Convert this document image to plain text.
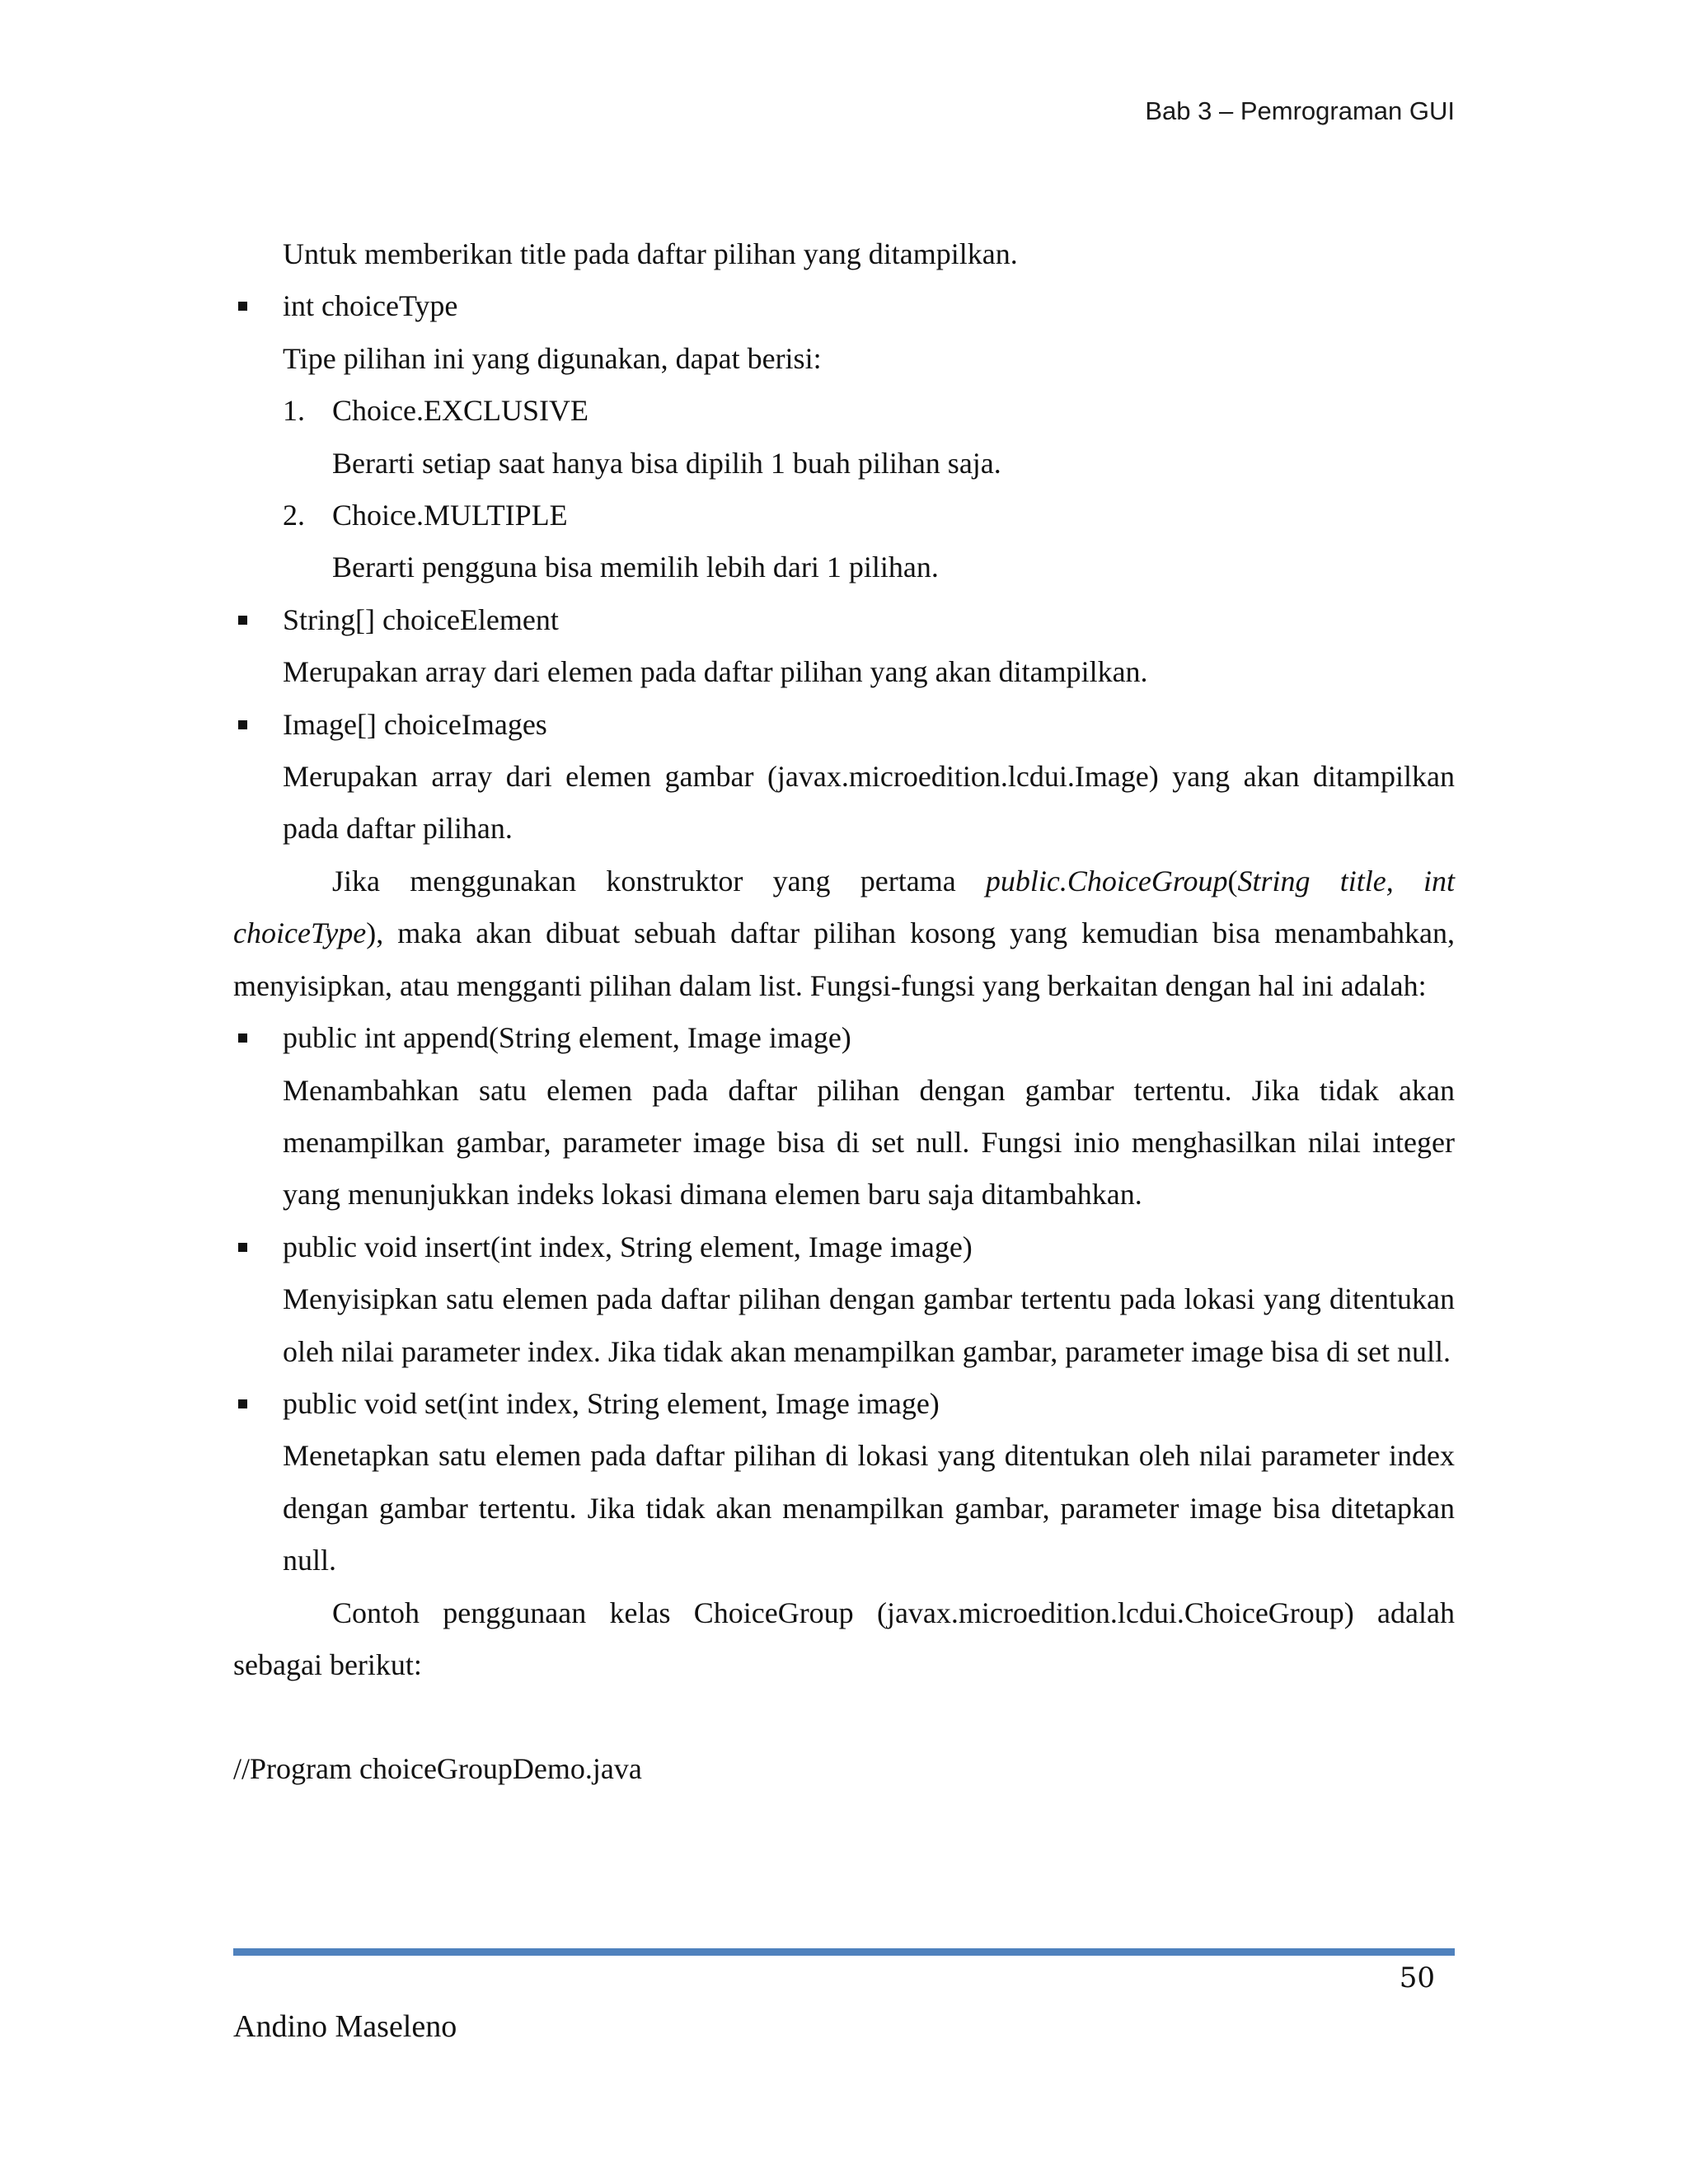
Bab 3 – Pemrograman GUI

Untuk memberikan title pada daftar pilihan yang ditampilkan.

int choiceType

Tipe pilihan ini yang digunakan, dapat berisi:

1. Choice.EXCLUSIVE

Berarti setiap saat hanya bisa dipilih 1 buah pilihan saja.

2. Choice.MULTIPLE

Berarti pengguna bisa memilih lebih dari 1 pilihan.

String[] choiceElement

Merupakan array dari elemen pada daftar pilihan yang akan ditampilkan.

Image[] choiceImages

Merupakan array dari elemen gambar (javax.microedition.lcdui.Image) yang akan ditampilkan pada daftar pilihan.

Jika menggunakan konstruktor yang pertama public.ChoiceGroup(String title, int choiceType), maka akan dibuat sebuah daftar pilihan kosong yang kemudian bisa menambahkan, menyisipkan, atau mengganti pilihan dalam list. Fungsi-fungsi yang berkaitan dengan hal ini adalah:

public int append(String element, Image image)

Menambahkan satu elemen pada daftar pilihan dengan gambar tertentu. Jika tidak akan menampilkan gambar, parameter image bisa di set null. Fungsi inio menghasilkan nilai integer yang menunjukkan indeks lokasi dimana elemen baru saja ditambahkan.

public void insert(int index, String element, Image image)

Menyisipkan satu elemen pada daftar pilihan dengan gambar tertentu pada lokasi yang ditentukan oleh nilai parameter index. Jika tidak akan menampilkan gambar, parameter image bisa di set null.

public void set(int index, String element, Image image)

Menetapkan satu elemen pada daftar pilihan di lokasi yang ditentukan oleh nilai parameter index dengan gambar tertentu. Jika tidak akan menampilkan gambar, parameter image bisa ditetapkan null.

Contoh penggunaan kelas ChoiceGroup (javax.microedition.lcdui.ChoiceGroup) adalah sebagai berikut:

//Program choiceGroupDemo.java

50
Andino Maseleno
